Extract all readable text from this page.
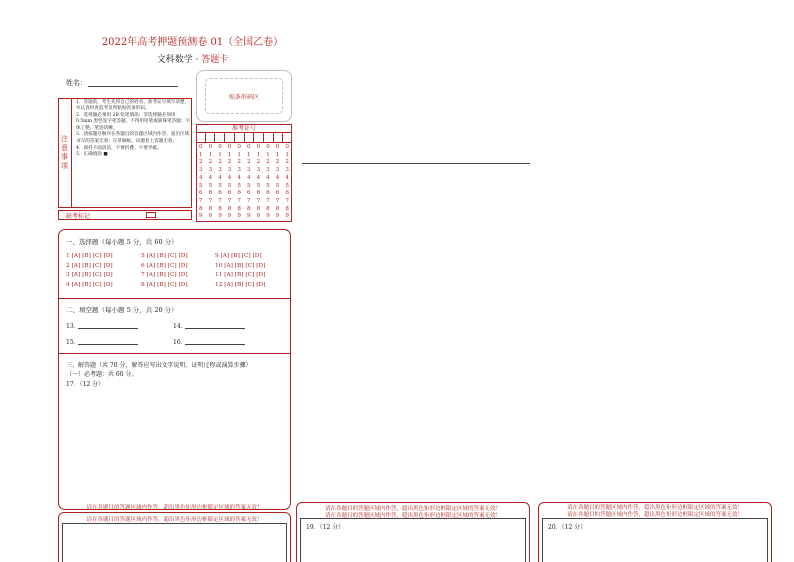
2022年高考押题预测卷 01（全国乙卷）
文科数学 · 答题卡
姓名：
贴条形码区
注意事项
1．答题前，考生先将自己的姓名、准考证号填写清楚，并认真检查监考员所粘贴的条形码。
2．选择题必须用 2B 铅笔填涂；非选择题必须用 0.5mm 黑色签字笔答题，不得用铅笔或圆珠笔答题；字体工整、笔迹清晰。
3．请按题号顺序在各题目的答题区域内作答，超出区域书写的答案无效；在草稿纸、试题卷上答题无效。
4．保持卡面清洁，不要折叠、不要弄破。
5．正确填涂 ■
准考证号
0
1
2
3
4
5
6
7
8
9
0
1
2
3
4
5
6
7
8
9
0
1
2
3
4
5
6
7
8
9
0
1
2
3
4
5
6
7
8
9
0
1
2
3
4
5
6
7
8
9
0
1
2
3
4
5
6
7
8
9
0
1
2
3
4
5
6
7
8
9
0
1
2
3
4
5
6
7
8
9
0
1
2
3
4
5
6
7
8
9
0
1
2
3
4
5
6
7
8
9
缺考标记
一、选择题（每小题 5 分，共 60 分）
1 [A] [B] [C] [D]
2 [A] [B] [C] [D]
3 [A] [B] [C] [D]
4 [A] [B] [C] [D]
5 [A] [B] [C] [D]
6 [A] [B] [C] [D]
7 [A] [B] [C] [D]
8 [A] [B] [C] [D]
9 [A] [B] [C] [D]
10 [A] [B] [C] [D]
11 [A] [B] [C] [D]
12 [A] [B] [C] [D]
二、填空题（每小题 5 分，共 20 分）
13．	14．
15．	16．
三、解答题（共 70 分，解答应写出文字说明、证明过程或演算步骤）
（一）必考题：共 60 分。
17．（12 分）
请在各题目的答题区域内作答，超出黑色矩形边框限定区域的答案无效！
请在各题目的答题区域内作答，超出黑色矩形边框限定区域的答案无效！
请在各题目的答题区域内作答，超出黑色矩形边框限定区域的答案无效！
请在各题目的答题区域内作答，超出黑色矩形边框限定区域的答案无效！
19．（12 分）
请在各题目的答题区域内作答，超出黑色矩形边框限定区域的答案无效！
请在各题目的答题区域内作答，超出黑色矩形边框限定区域的答案无效！
20．（12 分）
